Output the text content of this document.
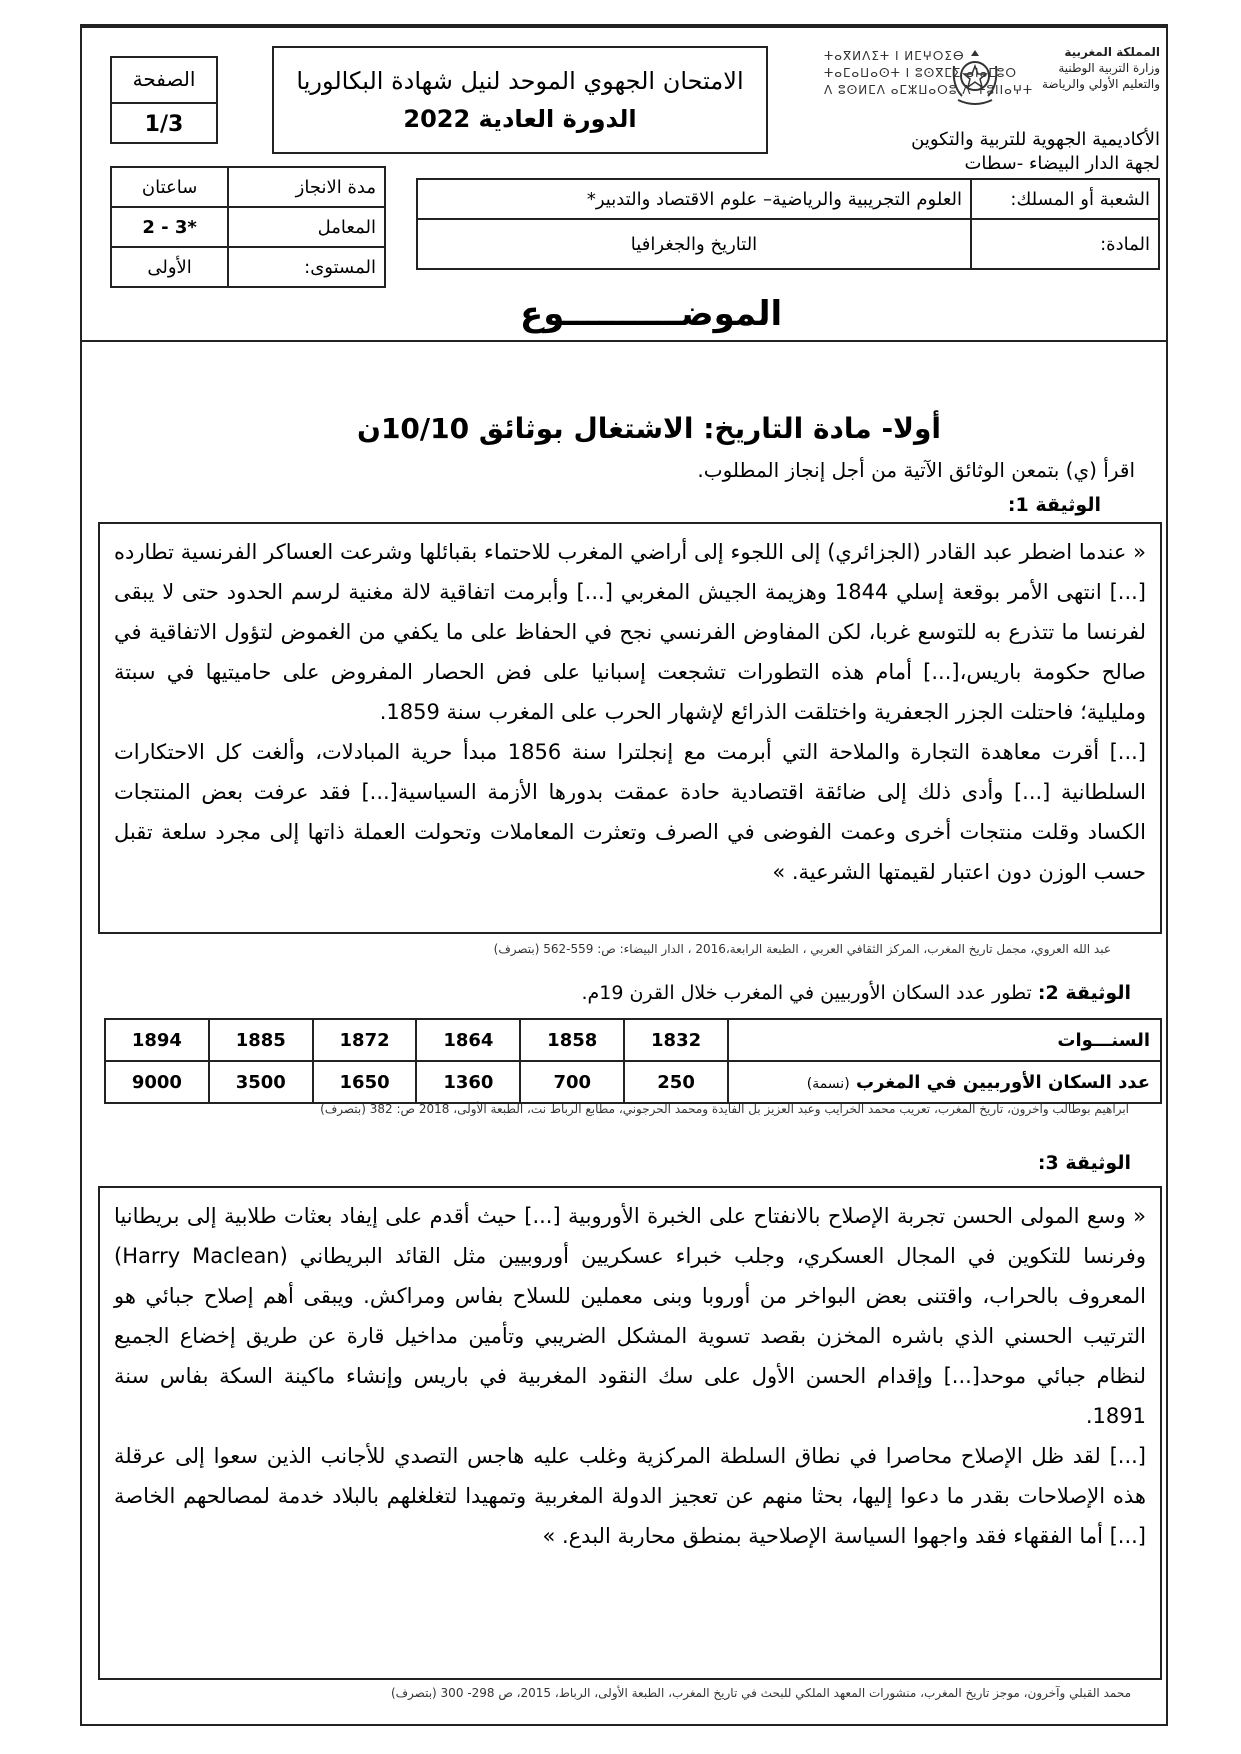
الصفحة
1/3
الامتحان الجهوي الموحد لنيل شهادة البكالوريا
الدورة العادية 2022
ⵜⴰⴳⵍⴷⵉⵜ ⵏ ⵍⵎⵖⵔⵉⴱ
ⵜⴰⵎⴰⵡⴰⵙⵜ ⵏ ⵓⵙⴳⵎⵉ ⴰⵏⴰⵎⵓⵔ
ⴷ ⵓⵙⵍⵎⴷ ⴰⵎⵣⵡⴰⵔⵓ ⴷ ⵜⵓⵏⵏⴰⵖⵜ
المملكة المغربية
وزارة التربية الوطنية
والتعليم الأولي والرياضة
الأكاديمية الجهوية للتربية والتكوين
لجهة الدار البيضاء -سطات
مدة الانجاز	ساعتان
المعامل	2 - 3*
المستوى:	الأولى
الشعبة أو المسلك:	العلوم التجريبية والرياضية– علوم الاقتصاد والتدبير*
المادة:	التاريخ والجغرافيا
الموضــــــــــوع
أولا- مادة التاريخ: الاشتغال بوثائق 10/10ن
اقرأ (ي) بتمعن الوثائق الآتية من أجل إنجاز المطلوب.
الوثيقة 1:

« عندما اضطر عبد القادر (الجزائري) إلى اللجوء إلى أراضي المغرب للاحتماء بقبائلها وشرعت العساكر الفرنسية تطارده [...] انتهى الأمر بوقعة إسلي 1844 وهزيمة الجيش المغربي [...] وأبرمت اتفاقية لالة مغنية لرسم الحدود حتى لا يبقى لفرنسا ما تتذرع به للتوسع غربا، لكن المفاوض الفرنسي نجح في الحفاظ على ما يكفي من الغموض لتؤول الاتفاقية في صالح حكومة باريس،[...] أمام هذه التطورات تشجعت إسبانيا على فض الحصار المفروض على حاميتيها في سبتة ومليلية؛ فاحتلت الجزر الجعفرية واختلقت الذرائع لإشهار الحرب على المغرب سنة 1859.

[...] أقرت معاهدة التجارة والملاحة التي أبرمت مع إنجلترا سنة 1856 مبدأ حرية المبادلات، وألغت كل الاحتكارات السلطانية [...] وأدى ذلك إلى ضائقة اقتصادية حادة عمقت بدورها الأزمة السياسية[...] فقد عرفت بعض المنتجات الكساد وقلت منتجات أخرى وعمت الفوضى في الصرف وتعثرت المعاملات وتحولت العملة ذاتها إلى مجرد سلعة تقبل حسب الوزن دون اعتبار لقيمتها الشرعية. »

عبد الله العروي، مجمل تاريخ المغرب، المركز الثقافي العربي ، الطبعة الرابعة،2016 ، الدار البيضاء: ص: 559-562 (بتصرف)
الوثيقة 2: تطور عدد السكان الأوربيين في المغرب خلال القرن 19م.
1894	1885	1872	1864	1858	1832	السنـــوات
9000	3500	1650	1360	700	250	عدد السكان الأوربيين في المغرب (نسمة)
ابراهيم بوطالب وآخرون، تاريخ المغرب، تعريب محمد الخرايب وعبد العزيز بل الفايدة ومحمد الحرجوني، مطابع الرباط نت، الطبعة الأولى، 2018 ص: 382 (بتصرف)
الوثيقة 3:

« وسع المولى الحسن تجربة الإصلاح بالانفتاح على الخبرة الأوروبية [...] حيث أقدم على إيفاد بعثات طلابية إلى بريطانيا وفرنسا للتكوين في المجال العسكري، وجلب خبراء عسكريين أوروبيين مثل القائد البريطاني (Harry Maclean) المعروف بالحراب، واقتنى بعض البواخر من أوروبا وبنى معملين للسلاح بفاس ومراكش. ويبقى أهم إصلاح جبائي هو الترتيب الحسني الذي باشره المخزن بقصد تسوية المشكل الضريبي وتأمين مداخيل قارة عن طريق إخضاع الجميع لنظام جبائي موحد[...] وإقدام الحسن الأول على سك النقود المغربية في باريس وإنشاء ماكينة السكة بفاس سنة 1891.

[...] لقد ظل الإصلاح محاصرا في نطاق السلطة المركزية وغلب عليه هاجس التصدي للأجانب الذين سعوا إلى عرقلة هذه الإصلاحات بقدر ما دعوا إليها، بحثا منهم عن تعجيز الدولة المغربية وتمهيدا لتغلغلهم بالبلاد خدمة لمصالحهم الخاصة [...] أما الفقهاء فقد واجهوا السياسة الإصلاحية بمنطق محاربة البدع. »

محمد القبلي وآخرون، موجز تاريخ المغرب، منشورات المعهد الملكي للبحث في تاريخ المغرب، الطبعة الأولى، الرباط، 2015، ص 298- 300 (بتصرف)
